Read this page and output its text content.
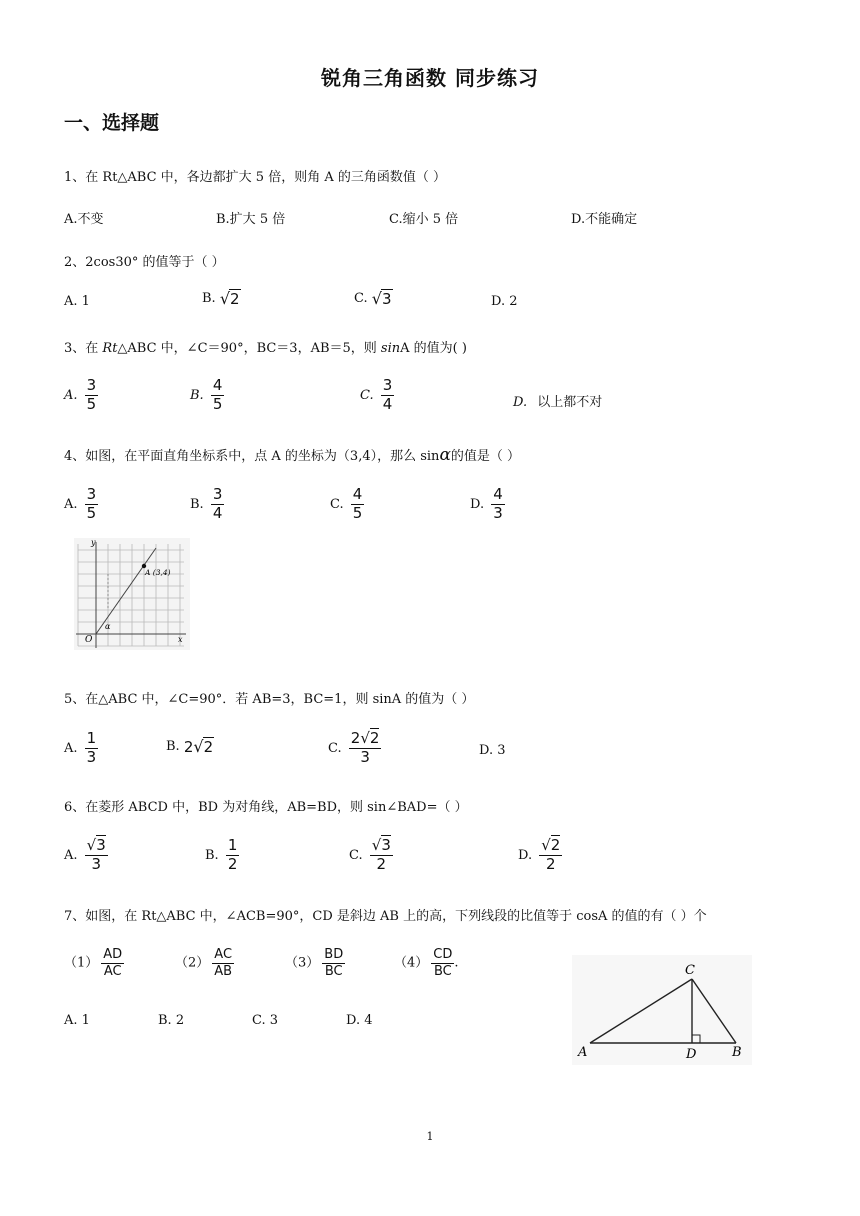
锐角三角函数 同步练习
一、选择题
1、在 Rt△ABC 中，各边都扩大 5 倍，则角 A 的三角函数值（ ）
A.不变	B.扩大 5 倍	C.缩小 5 倍	D.不能确定
2、2cos30° 的值等于（ ）
A. 1	B. √ 2	C. √ 3	D. 2
3、在 Rt△ABC 中，∠C＝90°，BC＝3，AB＝5，则 sinA 的值为( )
A. $\frac{3}{5}$	B. $\frac{4}{5}$	C. $\frac{3}{4}$	D. 以上都不对
4、如图，在平面直角坐标系中，点 A 的坐标为（3,4），那么 sinα的值是（ ）
A. $\frac{3}{5}$	B. $\frac{3}{4}$	C. $\frac{4}{5}$	D. $\frac{4}{3}$
y
x
O
A (3,4)
α
5、在△ABC 中，∠C=90°．若 AB=3，BC=1，则 sinA 的值为（ ）
A. $\frac{1}{3}$	B. 2 √ 2	C. $\frac{2√2}{3}$	D. 3
6、在菱形 ABCD 中，BD 为对角线，AB=BD，则 sin∠BAD=（ ）
A. $\frac{√3}{3}$	B. $\frac{1}{2}$	C. $\frac{√3}{2}$	D. $\frac{√2}{2}$
7、如图，在 Rt△ABC 中，∠ACB=90°，CD 是斜边 AB 上的高，下列线段的比值等于 cosA 的值的有（ ）个
$(1) \frac{AD}{AC}$	$(2) \frac{AC}{AB}$	$(3) \frac{BD}{BC}$	$(4) \frac{CD}{BC}$ .
A. 1	B. 2	C. 3	D. 4
A	B
C
D
1
